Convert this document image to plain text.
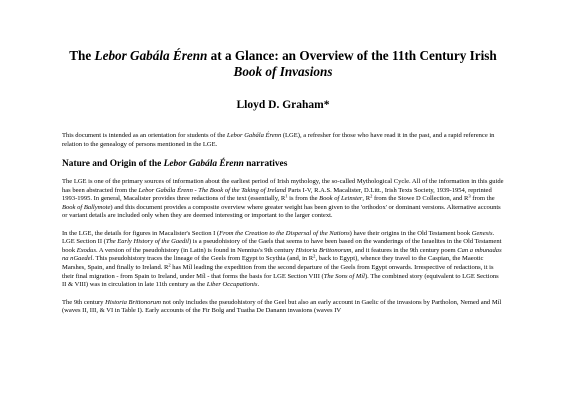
The Lebor Gabála Érenn at a Glance: an Overview of the 11th Century Irish
Book of Invasions
Lloyd D. Graham*

This document is intended as an orientation for students of the Lebor Gabála Érenn (LGE), a refresher for those who have read it in the past, and a rapid reference in relation to the genealogy of persons mentioned in the LGE.

Nature and Origin of the Lebor Gabála Érenn narratives

The LGE is one of the primary sources of information about the earliest period of Irish mythology, the so-called Mythological Cycle. All of the information in this guide has been abstracted from the Lebor Gabála Érenn - The Book of the Taking of Ireland Parts I-V, R.A.S. Macalister, D.Litt., Irish Texts Society, 1939-1954, reprinted 1993-1995. In general, Macalister provides three redactions of the text (essentially, $R^1$ is from the Book of Leinster, $R^2$ from the Stowe D Collection, and $R^3$ from the Book of Ballymote) and this document provides a composite overview where greater weight has been given to the 'orthodox' or dominant versions. Alternative accounts or variant details are included only when they are deemed interesting or important to the larger context.

In the LGE, the details for figures in Macalister's Section I (From the Creation to the Dispersal of the Nations) have their origins in the Old Testament book Genesis. LGE Section II (The Early History of the Gaedil) is a pseudohistory of the Gaels that seems to have been based on the wanderings of the Israelites in the Old Testament book Exodus. A version of the pseudohistory (in Latin) is found in Nennius's 9th century Historia Brittonorum, and it features in the 9th century poem Can a mbunadas na nGaedel. This pseudohistory traces the lineage of the Geels from Egypt to Scythia (and, in $R^2$, back to Egypt), whence they travel to the Caspian, the Maeotic Marshes, Spain, and finally to Ireland. $R^2$ has Míl leading the expedition from the second departure of the Geels from Egypt onwards. Irrespective of redactions, it is their final migration - from Spain to Ireland, under Míl - that forms the basis for LGE Section VIII (The Sons of Míl). The combined story (equivalent to LGE Sections II & VIII) was in circulation in late 11th century as the Liber Occupationis.

The 9th century Historia Brittonorum not only includes the pseudohistory of the Geel but also an early account in Gaelic of the invasions by Partholon, Nemed and Míl (waves II, III, & VI in Table I). Early accounts of the Fir Bolg and Tuatha De Danann invasions (waves IV
